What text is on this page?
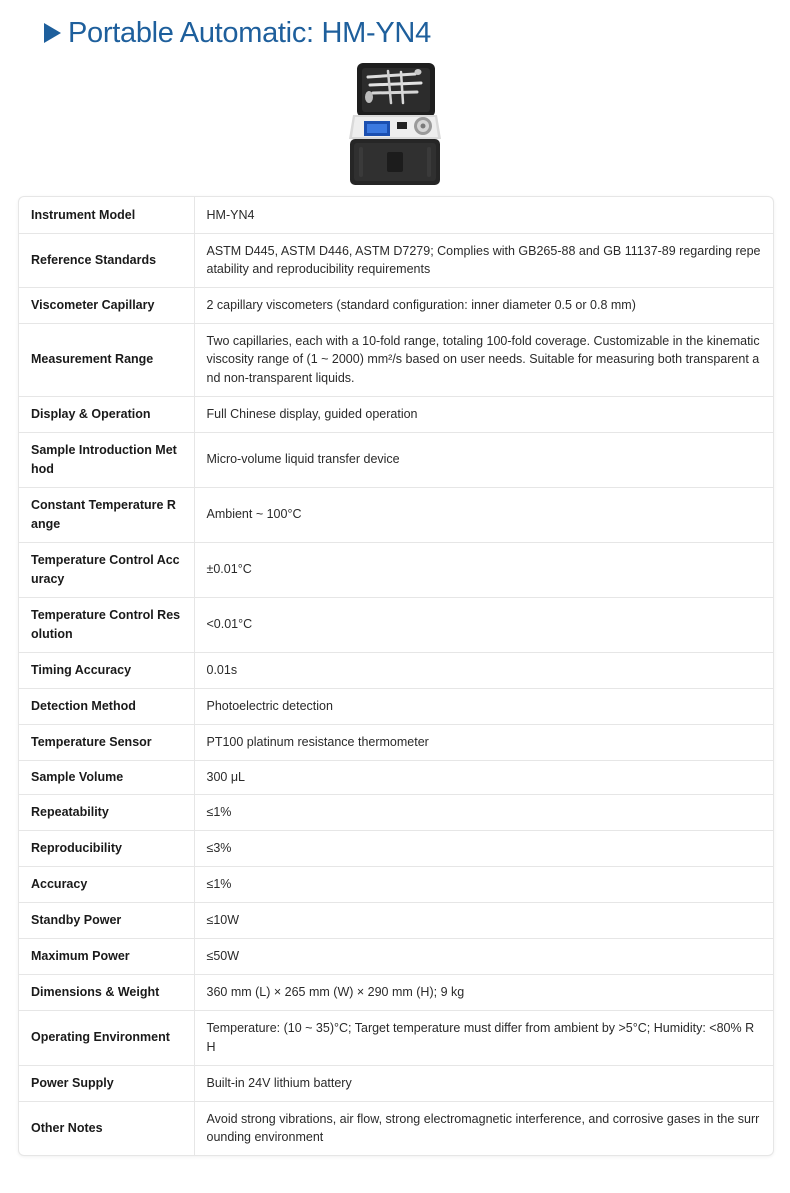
Portable Automatic: HM-YN4
Instrument Model	HM-YN4
Reference Standards	ASTM D445, ASTM D446, ASTM D7279; Complies with GB265-88 and GB 11137-89 regarding repeatability and reproducibility requirements
Viscometer Capillary	2 capillary viscometers (standard configuration: inner diameter 0.5 or 0.8 mm)
Measurement Range	Two capillaries, each with a 10-fold range, totaling 100-fold coverage. Customizable in the kinematic viscosity range of (1 ~ 2000) mm²/s based on user needs. Suitable for measuring both transparent and non-transparent liquids.
Display & Operation	Full Chinese display, guided operation
Sample Introduction Method	Micro-volume liquid transfer device
Constant Temperature Range	Ambient ~ 100°C
Temperature Control Accuracy	±0.01°C
Temperature Control Resolution	<0.01°C
Timing Accuracy	0.01s
Detection Method	Photoelectric detection
Temperature Sensor	PT100 platinum resistance thermometer
Sample Volume	300 μL
Repeatability	≤1%
Reproducibility	≤3%
Accuracy	≤1%
Standby Power	≤10W
Maximum Power	≤50W
Dimensions & Weight	360 mm (L) × 265 mm (W) × 290 mm (H); 9 kg
Operating Environment	Temperature: (10 ~ 35)°C; Target temperature must differ from ambient by >5°C; Humidity: <80% RH
Power Supply	Built-in 24V lithium battery
Other Notes	Avoid strong vibrations, air flow, strong electromagnetic interference, and corrosive gases in the surrounding environment
